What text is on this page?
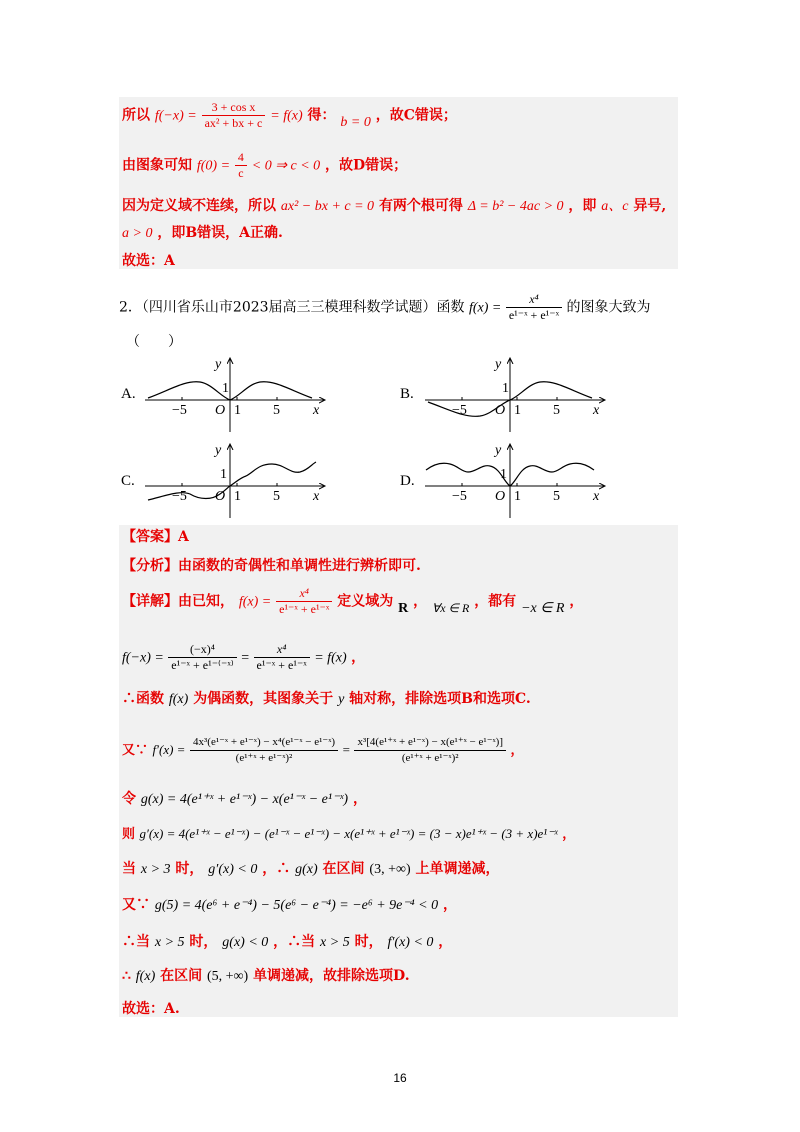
所以 $f(-x) = \frac{\text{3 + cos x}}{\text{ax² + bx + c}} = f(x)$ 得： b = 0 ，故C错误；
由图象可知 $f(0) = \frac{4}{c} < 0$ ⇒ c < 0 ，故D错误；
因为定义域不连续，所以 ax² − bx + c = 0 有两个根可得 Δ = b² − 4ac > 0 ，即 a、c 异号,
a > 0 ，即B错误，A正确.
故选：A
2．（四川省乐山市2023届高三三模理科数学试题）函数 $f(x) = \frac{\text{x⁴}}{\text{e¹⁻ˣ + e¹⁻ˣ}}$ 的图象大致为
（　　）
A.	B.
C.	D.
y
1
−5 O 1 5 x
y
1
−5 O 1 5 x
y
1
−5 O 1 5 x
y
1
−5 O 1 5 x
【答案】A
【分析】由函数的奇偶性和单调性进行辨析即可.
【详解】由已知， $f(x) = \frac{\text{x⁴}}{\text{e¹⁻ˣ + e¹⁻ˣ}}$ 定义域为 R ， ∀x ∈ R ，都有 −x ∈ R ，
$f(-x) = \frac{\text{(−x)⁴}}{\text{e¹⁻ˣ + e¹⁻⁽⁻ˣ⁾}} = \frac{\text{x⁴}}{\text{e¹⁻ˣ + e¹⁻ˣ}} = f(x)$ ，
∴函数 f(x) 为偶函数，其图象关于 y 轴对称，排除选项B和选项C.
又∵ $f'(x) = \frac{\text{4x³(e¹⁻ˣ + e¹⁻ˣ) − x⁴(e¹⁻ˣ − e¹⁻ˣ)}}{\text{(e¹⁺ˣ + e¹⁻ˣ)²}} = \frac{\text{x³[4(e¹⁺ˣ + e¹⁻ˣ) − x(e¹⁺ˣ − e¹⁻ˣ)]}}{\text{(e¹⁺ˣ + e¹⁻ˣ)²}}$ ，
令 g(x) = 4(e¹⁺ˣ + e¹⁻ˣ) − x(e¹⁻ˣ − e¹⁻ˣ) ，
则 g′(x) = 4(e¹⁺ˣ − e¹⁻ˣ) − (e¹⁻ˣ − e¹⁻ˣ) − x(e¹⁺ˣ + e¹⁻ˣ) = (3 − x)e¹⁺ˣ − (3 + x)e¹⁻ˣ ，
当 x > 3 时， g′(x) < 0 ，∴ g(x) 在区间 (3, +∞) 上单调递减，
又∵ g(5) = 4(e⁶ + e⁻⁴) − 5(e⁶ − e⁻⁴) = −e⁶ + 9e⁻⁴ < 0 ，
∴当 x > 5 时， g(x) < 0 ，∴当 x > 5 时， f′(x) < 0 ，
∴ f(x) 在区间 (5, +∞) 单调递减，故排除选项D.
故选：A.
16
